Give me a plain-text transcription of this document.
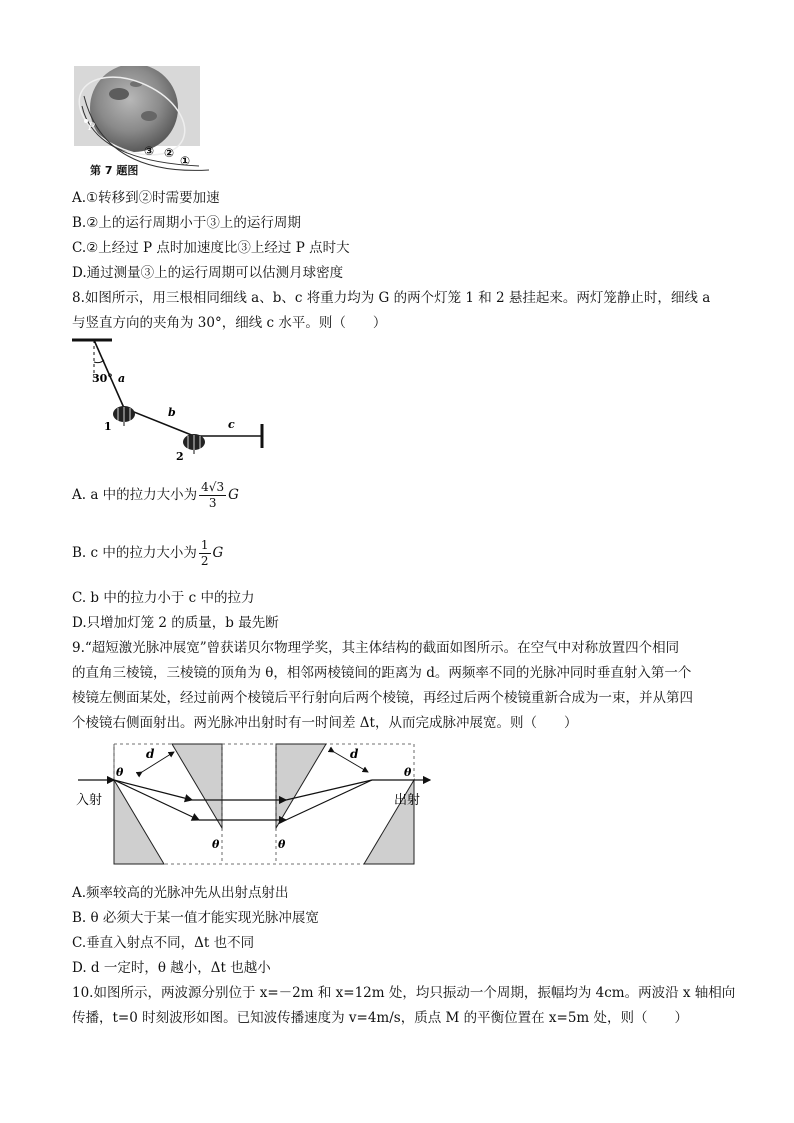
P
③ ②
①
第 7 题图
A.①转移到②时需要加速
B.②上的运行周期小于③上的运行周期
C.②上经过 P 点时加速度比③上经过 P 点时大
D.通过测量③上的运行周期可以估测月球密度
8.如图所示，用三根相同细线 a、b、c 将重力均为 G 的两个灯笼 1 和 2 悬挂起来。两灯笼静止时，细线 a
与竖直方向的夹角为 30°，细线 c 水平。则（　　）
30° a
b
c
1
2
A. a 中的拉力大小为 $\frac{4√3}{3}$ G
B. c 中的拉力大小为 $\frac{1}{2}$ G
C. b 中的拉力小于 c 中的拉力
D.只增加灯笼 2 的质量，b 最先断
9.“超短激光脉冲展宽”曾获诺贝尔物理学奖，其主体结构的截面如图所示。在空气中对称放置四个相同
的直角三棱镜，三棱镜的顶角为 θ，相邻两棱镜间的距离为 d。两频率不同的光脉冲同时垂直射入第一个
棱镜左侧面某处，经过前两个棱镜后平行射向后两个棱镜，再经过后两个棱镜重新合成为一束，并从第四
个棱镜右侧面射出。两光脉冲出射时有一时间差 Δt，从而完成脉冲展宽。则（　　）
d	d
θ
θ	θ
θ
入射	出射
A.频率较高的光脉冲先从出射点射出
B. θ 必须大于某一值才能实现光脉冲展宽
C.垂直入射点不同，Δt 也不同
D. d 一定时，θ 越小，Δt 也越小
10.如图所示，两波源分别位于 x=－2m 和 x=12m 处，均只振动一个周期，振幅均为 4cm。两波沿 x 轴相向
传播，t=0 时刻波形如图。已知波传播速度为 v=4m/s，质点 M 的平衡位置在 x=5m 处，则（　　）
